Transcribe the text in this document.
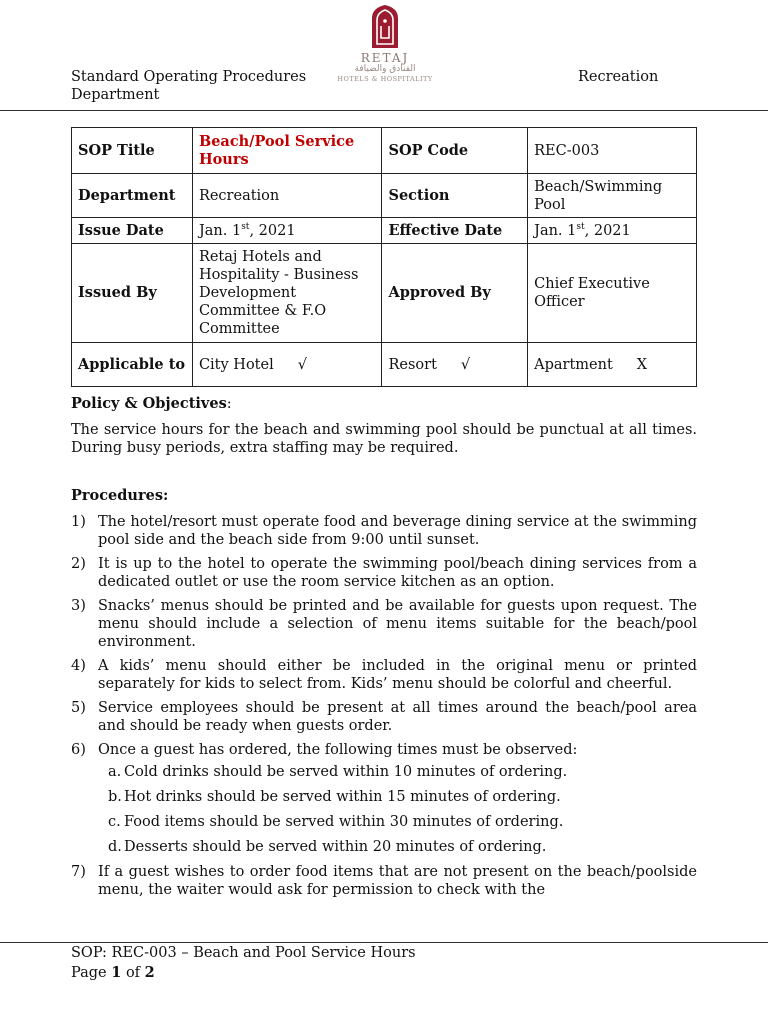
Standard Operating Procedures
Department
RETAJ
الفنادق والضيافة
HOTELS & HOSPITALITY	Recreation
SOP Title	Beach/Pool Service Hours	SOP Code	REC-003
Department	Recreation	Section	Beach/Swimming Pool
Issue Date	Jan. 1st, 2021	Effective Date	Jan. 1st, 2021
Issued By	Retaj Hotels and Hospitality - Business Development Committee & F.O Committee	Approved By	Chief Executive Officer
Applicable to	City Hotel √	Resort √	Apartment X
Policy & Objectives:

The service hours for the beach and swimming pool should be punctual at all times. During busy periods, extra staffing may be required.

Procedures:
1) The hotel/resort must operate food and beverage dining service at the swimming pool side and the beach side from 9:00 until sunset.
2) It is up to the hotel to operate the swimming pool/beach dining services from a dedicated outlet or use the room service kitchen as an option.
3) Snacks’ menus should be printed and be available for guests upon request. The menu should include a selection of menu items suitable for the beach/pool environment.
4) A kids’ menu should either be included in the original menu or printed separately for kids to select from. Kids’ menu should be colorful and cheerful.
5) Service employees should be present at all times around the beach/pool area and should be ready when guests order.
6) Once a guest has ordered, the following times must be observed:
a. Cold drinks should be served within 10 minutes of ordering.
b. Hot drinks should be served within 15 minutes of ordering.
c. Food items should be served within 30 minutes of ordering.
d. Desserts should be served within 20 minutes of ordering.
7) If a guest wishes to order food items that are not present on the beach/poolside menu, the waiter would ask for permission to check with the
SOP: REC-003 – Beach and Pool Service Hours
Page 1 of 2
